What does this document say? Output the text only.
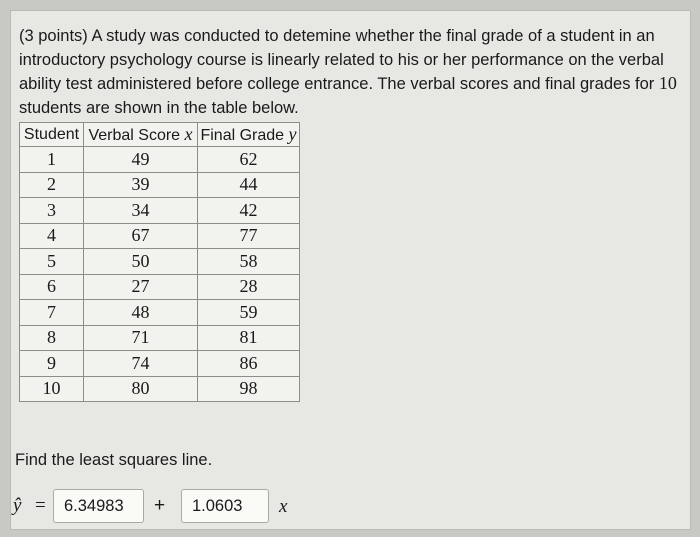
(3 points) A study was conducted to detemine whether the final grade of a student in an introductory psychology course is linearly related to his or her performance on the verbal ability test administered before college entrance. The verbal scores and final grades for 10 students are shown in the table below.
Student	Verbal Score x	Final Grade y
1	49	62
2	39	44
3	34	42
4	67	77
5	50	58
6	27	28
7	48	59
8	71	81
9	74	86
10	80	98
Find the least squares line.
ŷ =	6.34983	+	1.0603	x
